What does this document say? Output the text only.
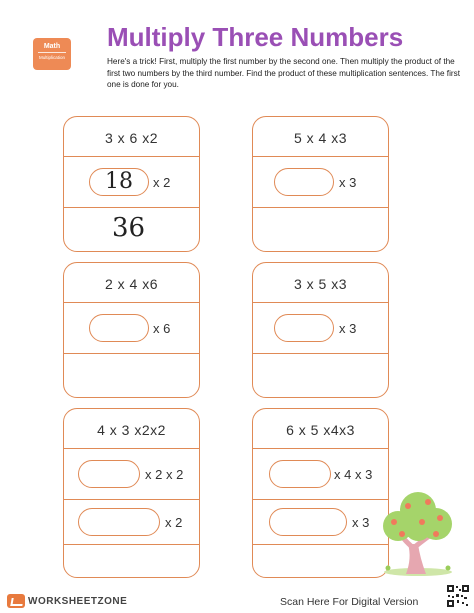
Math
Multiplication
Multiply Three Numbers
Here's a trick! First, multiply the first number by the second one. Then multiply the product of the first two numbers by the third number. Find the product of these multiplication sentences. The first one is done for you.
3 x 6 x2
18	x 2
36
5 x 4 x3
x 3
2 x 4 x6
x 6
3 x 5 x3
x 3
4 x 3 x2x2
x 2 x 2
x 2
6 x 5 x4x3
x 4 x 3
x 3
WORKSHEETZONE	Scan Here For Digital Version
